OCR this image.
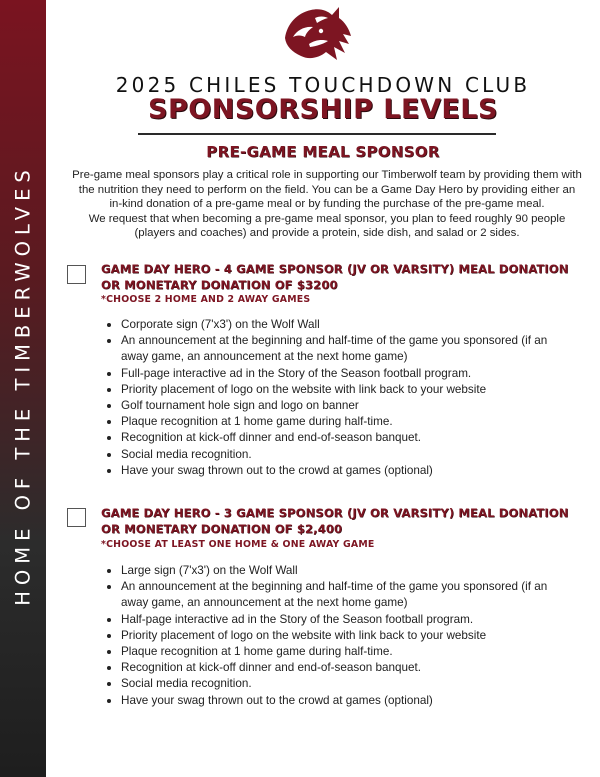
HOME OF THE TIMBERWOLVES
2025 CHILES TOUCHDOWN CLUB
SPONSORSHIP LEVELS
PRE-GAME MEAL SPONSOR

Pre-game meal sponsors play a critical role in supporting our Timberwolf team by providing them with

the nutrition they need to perform on the field. You can be a Game Day Hero by providing either an

in-kind donation of a pre-game meal or by funding the purchase of the pre-game meal.

We request that when becoming a pre-game meal sponsor, you plan to feed roughly 90 people

(players and coaches) and provide a protein, side dish, and salad or 2 sides.

GAME DAY HERO - 4 GAME SPONSOR (JV OR VARSITY) MEAL DONATION

OR MONETARY DONATION OF $3200

*CHOOSE 2 HOME AND 2 AWAY GAMES
Corporate sign (7'x3') on the Wolf Wall
An announcement at the beginning and half-time of the game you sponsored (if an away game, an announcement at the next home game)
Full-page interactive ad in the Story of the Season football program.
Priority placement of logo on the website with link back to your website
Golf tournament hole sign and logo on banner
Plaque recognition at 1 home game during half-time.
Recognition at kick-off dinner and end-of-season banquet.
Social media recognition.
Have your swag thrown out to the crowd at games (optional)

GAME DAY HERO - 3 GAME SPONSOR (JV OR VARSITY) MEAL DONATION

OR MONETARY DONATION OF $2,400

*CHOOSE AT LEAST ONE HOME & ONE AWAY GAME
Large sign (7'x3') on the Wolf Wall
An announcement at the beginning and half-time of the game you sponsored (if an away game, an announcement at the next home game)
Half-page interactive ad in the Story of the Season football program.
Priority placement of logo on the website with link back to your website
Plaque recognition at 1 home game during half-time.
Recognition at kick-off dinner and end-of-season banquet.
Social media recognition.
Have your swag thrown out to the crowd at games (optional)
